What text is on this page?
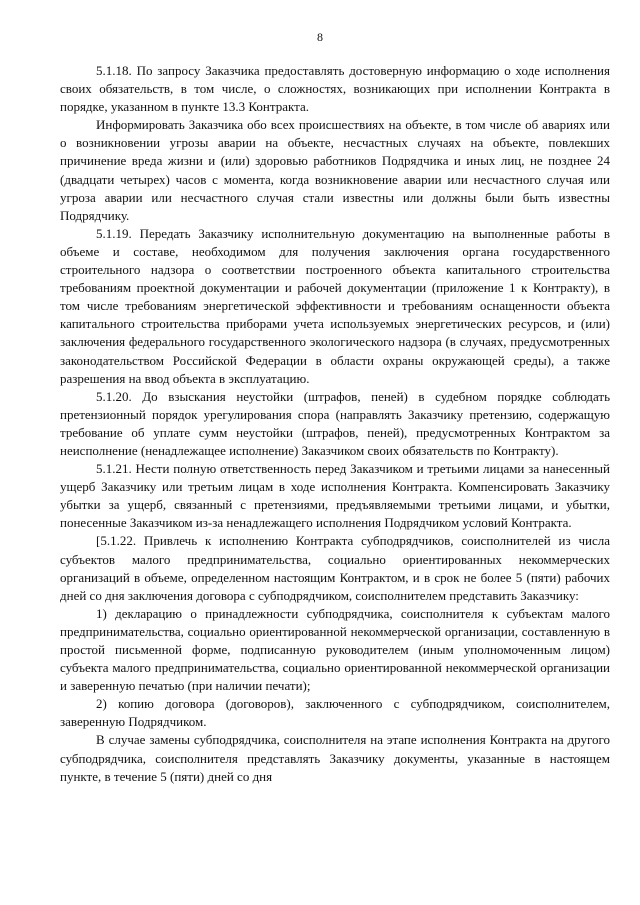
8

5.1.18. По запросу Заказчика предоставлять достоверную информацию о ходе исполнения своих обязательств, в том числе, о сложностях, возникающих при исполнении Контракта в порядке, указанном в пункте 13.3 Контракта.

Информировать Заказчика обо всех происшествиях на объекте, в том числе об авариях или о возникновении угрозы аварии на объекте, несчастных случаях на объекте, повлекших причинение вреда жизни и (или) здоровью работников Подрядчика и иных лиц, не позднее 24 (двадцати четырех) часов с момента, когда возникновение аварии или несчастного случая или угроза аварии или несчастного случая стали известны или должны были быть известны Подрядчику.

5.1.19. Передать Заказчику исполнительную документацию на выполненные работы в объеме и составе, необходимом для получения заключения органа государственного строительного надзора о соответствии построенного объекта капитального строительства требованиям проектной документации и рабочей документации (приложение 1 к Контракту), в том числе требованиям энергетической эффективности и требованиям оснащенности объекта капитального строительства приборами учета используемых энергетических ресурсов, и (или) заключения федерального государственного экологического надзора (в случаях, предусмотренных законодательством Российской Федерации в области охраны окружающей среды), а также разрешения на ввод объекта в эксплуатацию.

5.1.20. До взыскания неустойки (штрафов, пеней) в судебном порядке соблюдать претензионный порядок урегулирования спора (направлять Заказчику претензию, содержащую требование об уплате сумм неустойки (штрафов, пеней), предусмотренных Контрактом за неисполнение (ненадлежащее исполнение) Заказчиком своих обязательств по Контракту).

5.1.21. Нести полную ответственность перед Заказчиком и третьими лицами за нанесенный ущерб Заказчику или третьим лицам в ходе исполнения Контракта. Компенсировать Заказчику убытки за ущерб, связанный с претензиями, предъявляемыми третьими лицами, и убытки, понесенные Заказчиком из-за ненадлежащего исполнения Подрядчиком условий Контракта.

[5.1.22. Привлечь к исполнению Контракта субподрядчиков, соисполнителей из числа субъектов малого предпринимательства, социально ориентированных некоммерческих организаций в объеме, определенном настоящим Контрактом, и в срок не более 5 (пяти) рабочих дней со дня заключения договора с субподрядчиком, соисполнителем представить Заказчику:

1) декларацию о принадлежности субподрядчика, соисполнителя к субъектам малого предпринимательства, социально ориентированной некоммерческой организации, составленную в простой письменной форме, подписанную руководителем (иным уполномоченным лицом) субъекта малого предпринимательства, социально ориентированной некоммерческой организации и заверенную печатью (при наличии печати);

2) копию договора (договоров), заключенного с субподрядчиком, соисполнителем, заверенную Подрядчиком.

В случае замены субподрядчика, соисполнителя на этапе исполнения Контракта на другого субподрядчика, соисполнителя представлять Заказчику документы, указанные в настоящем пункте, в течение 5 (пяти) дней со дня
